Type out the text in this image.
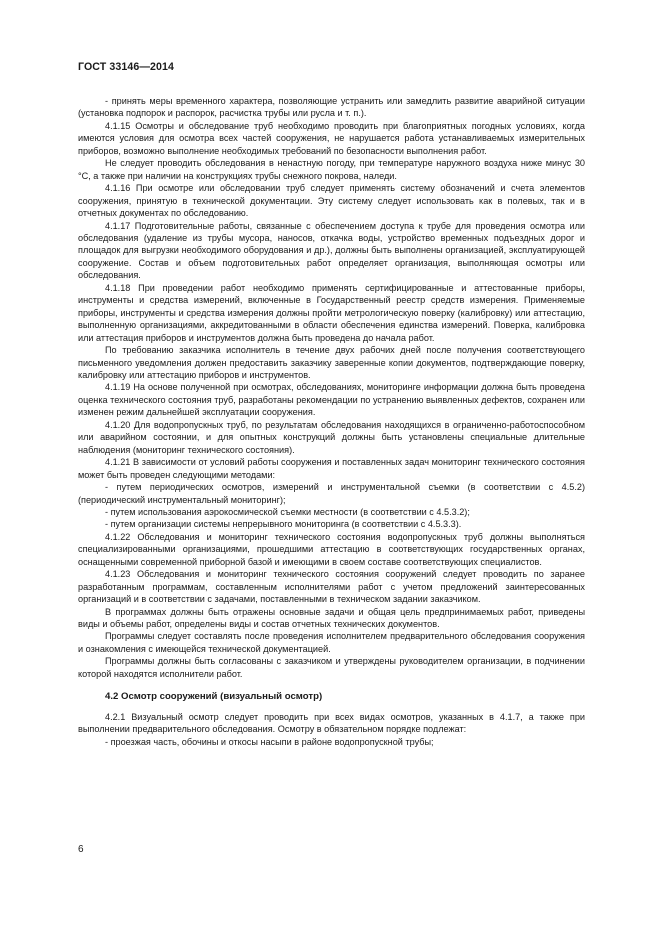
ГОСТ 33146—2014

- принять меры временного характера, позволяющие устранить или замедлить развитие аварийной ситуации (установка подпорок и распорок, расчистка трубы или русла и т. п.).

4.1.15 Осмотры и обследование труб необходимо проводить при благоприятных погодных условиях, когда имеются условия для осмотра всех частей сооружения, не нарушается работа устанавливаемых измерительных приборов, возможно выполнение необходимых требований по безопасности выполнения работ.

Не следует проводить обследования в ненастную погоду, при температуре наружного воздуха ниже минус 30 °С, а также при наличии на конструкциях трубы снежного покрова, наледи.

4.1.16 При осмотре или обследовании труб следует применять систему обозначений и счета элементов сооружения, принятую в технической документации. Эту систему следует использовать как в полевых, так и в отчетных документах по обследованию.

4.1.17 Подготовительные работы, связанные с обеспечением доступа к трубе для проведения осмотра или обследования (удаление из трубы мусора, наносов, откачка воды, устройство временных подъездных дорог и площадок для выгрузки необходимого оборудования и др.), должны быть выполнены организацией, эксплуатирующей сооружение. Состав и объем подготовительных работ определяет организация, выполняющая осмотры или обследования.

4.1.18 При проведении работ необходимо применять сертифицированные и аттестованные приборы, инструменты и средства измерений, включенные в Государственный реестр средств измерения. Применяемые приборы, инструменты и средства измерения должны пройти метрологическую поверку (калибровку) или аттестацию, выполненную организациями, аккредитованными в области обеспечения единства измерений. Поверка, калибровка или аттестация приборов и инструментов должна быть проведена до начала работ.

По требованию заказчика исполнитель в течение двух рабочих дней после получения соответствующего письменного уведомления должен предоставить заказчику заверенные копии документов, подтверждающие поверку, калибровку или аттестацию приборов и инструментов.

4.1.19 На основе полученной при осмотрах, обследованиях, мониторинге информации должна быть проведена оценка технического состояния труб, разработаны рекомендации по устранению выявленных дефектов, сохранен или изменен режим дальнейшей эксплуатации сооружения.

4.1.20 Для водопропускных труб, по результатам обследования находящихся в ограниченно-работоспособном или аварийном состоянии, и для опытных конструкций должны быть установлены специальные длительные наблюдения (мониторинг технического состояния).

4.1.21 В зависимости от условий работы сооружения и поставленных задач мониторинг технического состояния может быть проведен следующими методами:

- путем периодических осмотров, измерений и инструментальной съемки (в соответствии с 4.5.2) (периодический инструментальный мониторинг);

- путем использования аэрокосмической съемки местности (в соответствии с 4.5.3.2);

- путем организации системы непрерывного мониторинга (в соответствии с 4.5.3.3).

4.1.22 Обследования и мониторинг технического состояния водопропускных труб должны выполняться специализированными организациями, прошедшими аттестацию в соответствующих государственных органах, оснащенными современной приборной базой и имеющими в своем составе соответствующих специалистов.

4.1.23 Обследования и мониторинг технического состояния сооружений следует проводить по заранее разработанным программам, составленным исполнителями работ с учетом предложений заинтересованных организаций и в соответствии с задачами, поставленными в техническом задании заказчиком.

В программах должны быть отражены основные задачи и общая цель предпринимаемых работ, приведены виды и объемы работ, определены виды и состав отчетных технических документов.

Программы следует составлять после проведения исполнителем предварительного обследования сооружения и ознакомления с имеющейся технической документацией.

Программы должны быть согласованы с заказчиком и утверждены руководителем организации, в подчинении которой находятся исполнители работ.

4.2 Осмотр сооружений (визуальный осмотр)

4.2.1 Визуальный осмотр следует проводить при всех видах осмотров, указанных в 4.1.7, а также при выполнении предварительного обследования. Осмотру в обязательном порядке подлежат:

- проезжая часть, обочины и откосы насыпи в районе водопропускной трубы;

6
